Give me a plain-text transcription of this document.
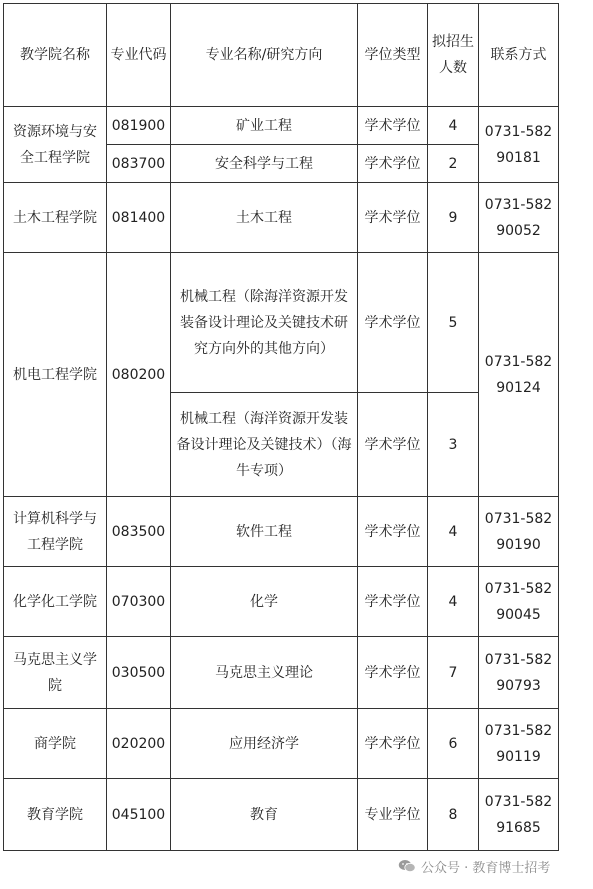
教学院名称	专业代码	专业名称/研究方向	学位类型	拟招生人数	联系方式
资源环境与安全工程学院	081900	矿业工程	学术学位	4	0731-58290181
	083700	安全科学与工程	学术学位	2	
土木工程学院	081400	土木工程	学术学位	9	0731-58290052
机电工程学院	080200	机械工程（除海洋资源开发装备设计理论及关键技术研究方向外的其他方向）	学术学位	5	0731-58290124
		机械工程（海洋资源开发装备设计理论及关键技术）（海牛专项）	学术学位	3	
计算机科学与工程学院	083500	软件工程	学术学位	4	0731-58290190
化学化工学院	070300	化学	学术学位	4	0731-58290045
马克思主义学院	030500	马克思主义理论	学术学位	7	0731-58290793
商学院	020200	应用经济学	学术学位	6	0731-58290119
教育学院	045100	教育	专业学位	8	0731-58291685
公众号 · 教育博士招考
